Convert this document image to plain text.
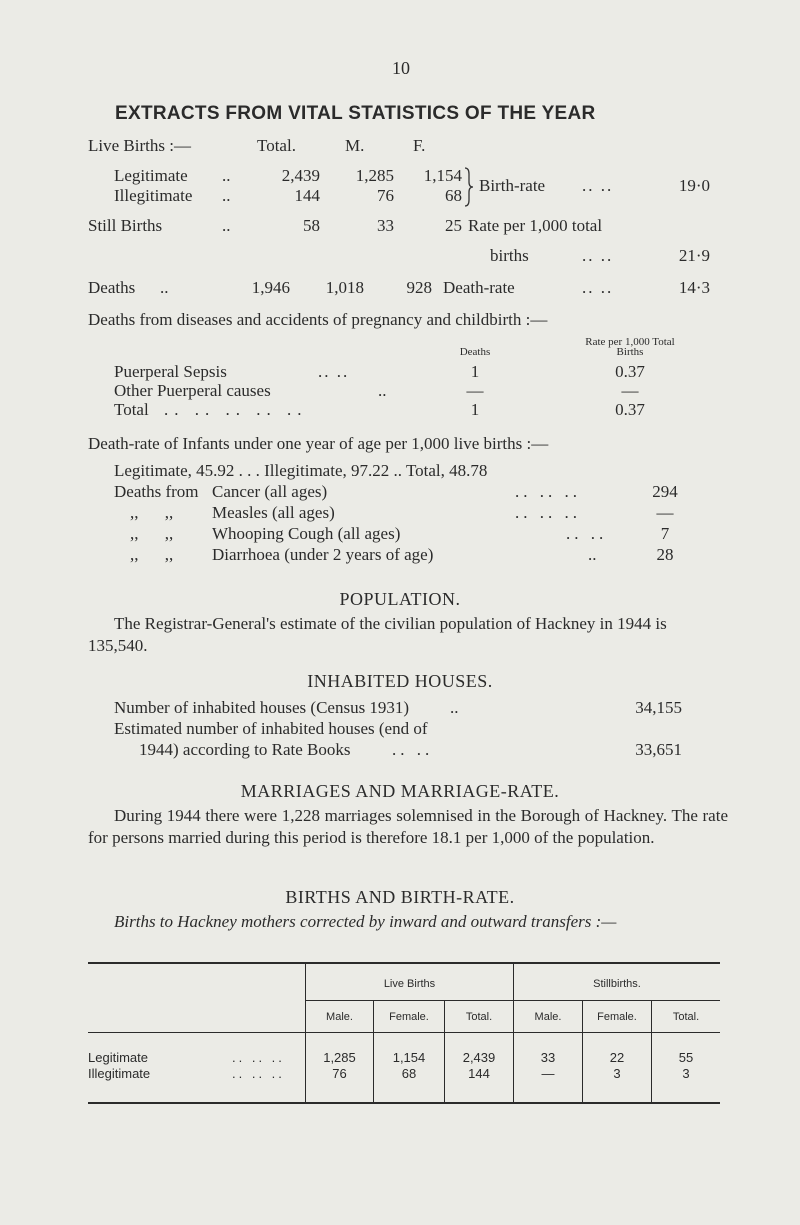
10
EXTRACTS FROM VITAL STATISTICS OF THE YEAR
Live Births :—	Total.	M.	F.
Legitimate ..	2,439	1,285	1,154
Illegitimate ..	144	76	68
Birth-rate .. ..	19·0
Still Births	..	58	33	25 Rate per 1,000 total
births	.. ..	21·9
Deaths ..	1,946	1,018	928 Death-rate	.. ..	14·3
Deaths from diseases and accidents of pregnancy and childbirth :—
Rate per 1,000 Total
Deaths	Births
Puerperal Sepsis	.. ..	1	0.37
Other Puerperal causes	..	—	—
Total .. .. .. .. ..	1	0.37
Death-rate of Infants under one year of age per 1,000 live births :—
Legitimate, 45.92 . . . Illegitimate, 97.22 .. Total, 48.78
Deaths from Cancer (all ages)	.. .. ..	294
,, ,, Measles (all ages)	.. .. ..	—
,, ,, Whooping Cough (all ages)	.. ..	7
,, ,, Diarrhoea (under 2 years of age)	..	28
POPULATION.
The Registrar-General's estimate of the civilian population of Hackney in 1944 is 135,540.
INHABITED HOUSES.
Number of inhabited houses (Census 1931) ..	34,155
Estimated number of inhabited houses (end of
1944) according to Rate Books .. ..	33,651
MARRIAGES AND MARRIAGE-RATE.
During 1944 there were 1,228 marriages solemnised in the Borough of Hackney. The rate for persons married during this period is therefore 18.1 per 1,000 of the population.
BIRTHS AND BIRTH-RATE.
Births to Hackney mothers corrected by inward and outward transfers :—
Live Births	Stillbirths.
Male.	Female.	Total.	Male.	Female.	Total.
Legitimate	.. .. ..	1,285	1,154	2,439	33	22	55
Illegitimate	.. .. ..	76	68	144	—	3	3
